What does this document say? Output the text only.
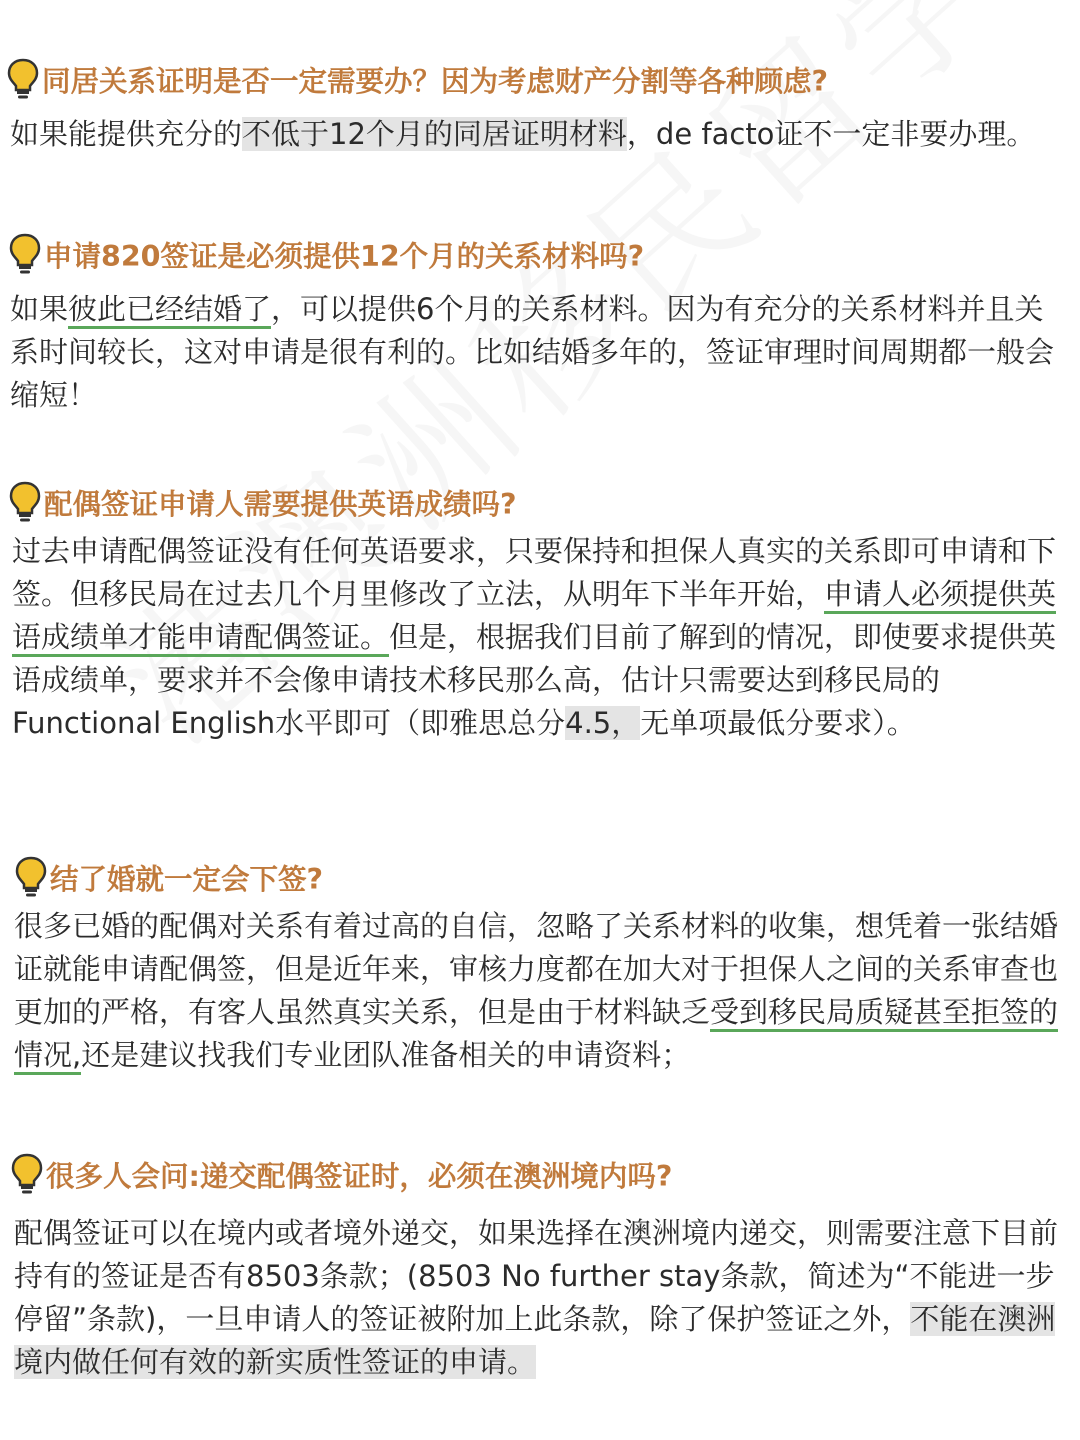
同居关系证明是否一定需要办？因为考虑财产分割等各种顾虑?
如果能提供充分的不低于12个月的同居证明材料，de facto证不一定非要办理。
申请820签证是必须提供12个月的关系材料吗?
如果彼此已经结婚了，可以提供6个月的关系材料。因为有充分的关系材料并且关系时间较长，这对申请是很有利的。比如结婚多年的，签证审理时间周期都一般会缩短！
配偶签证申请人需要提供英语成绩吗?
过去申请配偶签证没有任何英语要求，只要保持和担保人真实的关系即可申请和下签。但移民局在过去几个月里修改了立法，从明年下半年开始，申请人必须提供英语成绩单才能申请配偶签证。但是，根据我们目前了解到的情况，即使要求提供英语成绩单，要求并不会像申请技术移民那么高，估计只需要达到移民局的Functional English水平即可（即雅思总分4.5，无单项最低分要求）。
结了婚就一定会下签?
很多已婚的配偶对关系有着过高的自信，忽略了关系材料的收集，想凭着一张结婚证就能申请配偶签，但是近年来，审核力度都在加大对于担保人之间的关系审查也更加的严格，有客人虽然真实关系，但是由于材料缺乏受到移民局质疑甚至拒签的情况,还是建议找我们专业团队准备相关的申请资料；
很多人会问:递交配偶签证时，必须在澳洲境内吗?
配偶签证可以在境内或者境外递交，如果选择在澳洲境内递交，则需要注意下目前持有的签证是否有8503条款；(8503 No further stay条款，简述为“不能进一步停留”条款)，一旦申请人的签证被附加上此条款，除了保护签证之外，不能在澳洲境内做任何有效的新实质性签证的申请。
